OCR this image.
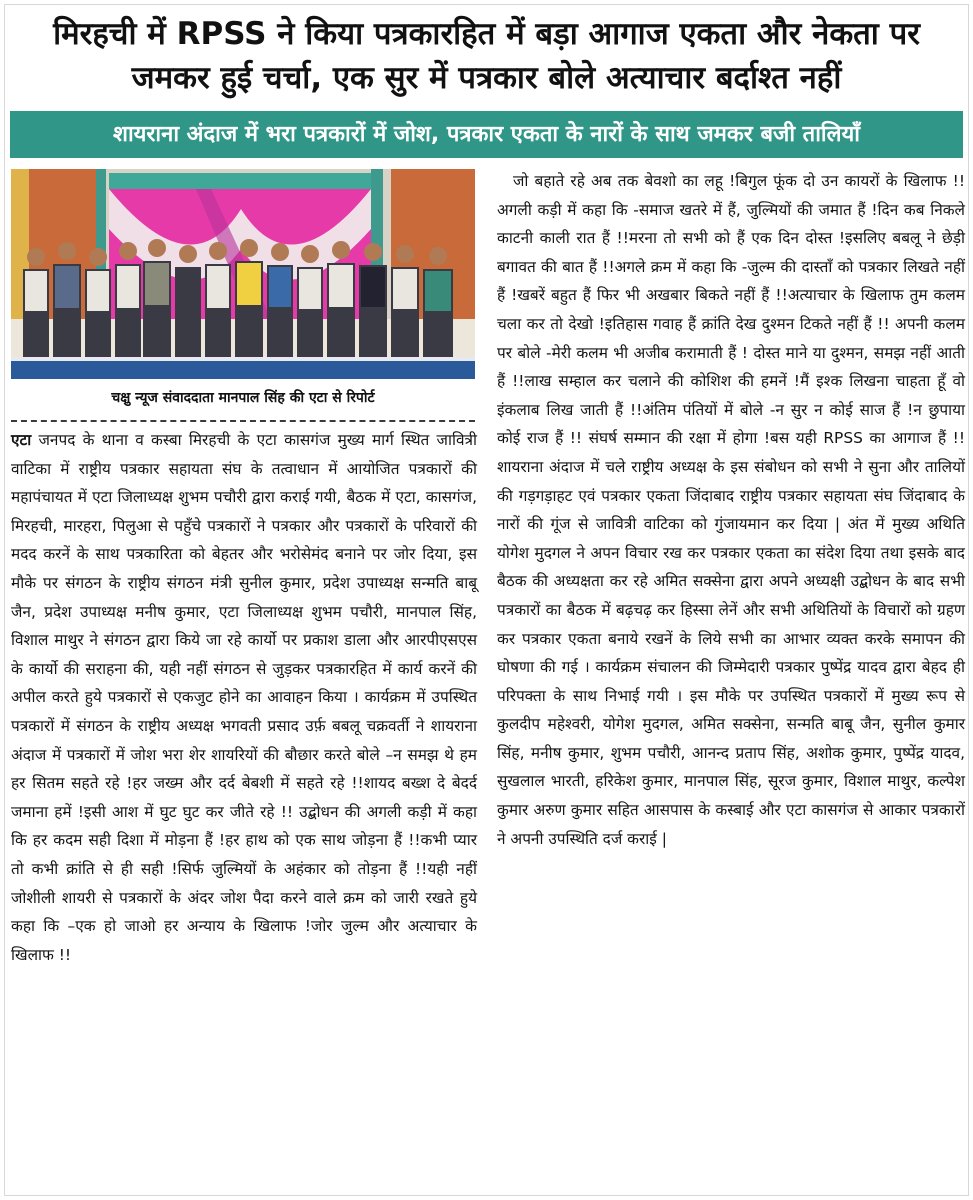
मिरहची में RPSS ने किया पत्रकारहित में बड़ा आगाज एकता और नेकता पर जमकर हुई चर्चा, एक सुर में पत्रकार बोले अत्याचार बर्दाश्त नहीं
शायराना अंदाज में भरा पत्रकारों में जोश, पत्रकार एकता के नारों के साथ जमकर बजी तालियाँ
चक्षु न्यूज संवाददाता मानपाल सिंह की एटा से रिपोर्ट

एटा जनपद के थाना व कस्बा मिरहची के एटा कासगंज मुख्य मार्ग स्थित जावित्री वाटिका में राष्ट्रीय पत्रकार सहायता संघ के तत्वाधान में आयोजित पत्रकारों की महापंचायत में एटा जिलाध्यक्ष शुभम पचौरी द्वारा कराई गयी, बैठक में एटा, कासगंज, मिरहची, मारहरा, पिलुआ से पहुँचे पत्रकारों ने पत्रकार और पत्रकारों के परिवारों की मदद करनें के साथ पत्रकारिता को बेहतर और भरोसेमंद बनाने पर जोर दिया, इस मौके पर संगठन के राष्ट्रीय संगठन मंत्री सुनील कुमार, प्रदेश उपाध्यक्ष सन्मति बाबू जैन, प्रदेश उपाध्यक्ष मनीष कुमार, एटा जिलाध्यक्ष शुभम पचौरी, मानपाल सिंह, विशाल माथुर ने संगठन द्वारा किये जा रहे कार्यो पर प्रकाश डाला और आरपीएसएस के कार्यो की सराहना की, यही नहीं संगठन से जुड़कर पत्रकारहित में कार्य करनें की अपील करते हुये पत्रकारों से एकजुट होने का आवाहन किया । कार्यक्रम में उपस्थित पत्रकारों में संगठन के राष्ट्रीय अध्यक्ष भगवती प्रसाद उर्फ़ बबलू चक्रवर्ती ने शायराना अंदाज में पत्रकारों में जोश भरा शेर शायरियों की बौछार करते बोले –न समझ थे हम हर सितम सहते रहे !हर जख्म और दर्द बेबशी में सहते रहे !!शायद बख्श दे बेदर्द जमाना हमें !इसी आश में घुट घुट कर जीते रहे !! उद्बोधन की अगली कड़ी में कहा कि हर कदम सही दिशा में मोड़ना हैं !हर हाथ को एक साथ जोड़ना हैं !!कभी प्यार तो कभी क्रांति से ही सही !सिर्फ जुल्मियों के अहंकार को तोड़ना हैं !!यही नहीं जोशीली शायरी से पत्रकारों के अंदर जोश पैदा करने वाले क्रम को जारी रखते हुये कहा कि –एक हो जाओ हर अन्याय के खिलाफ !जोर जुल्म और अत्याचार के खिलाफ !!

जो बहाते रहे अब तक बेवशो का लहू !बिगुल फूंक दो उन कायरों के खिलाफ !!अगली कड़ी में कहा कि -समाज खतरे में हैं, जुल्मियों की जमात हैं !दिन कब निकले काटनी काली रात हैं !!मरना तो सभी को हैं एक दिन दोस्त !इसलिए बबलू ने छेड़ी बगावत की बात हैं !!अगले क्रम में कहा कि -जुल्म की दास्ताँ को पत्रकार लिखते नहीं हैं !खबरें बहुत हैं फिर भी अखबार बिकते नहीं हैं !!अत्याचार के खिलाफ तुम कलम चला कर तो देखो !इतिहास गवाह हैं क्रांति देख दुश्मन टिकते नहीं हैं !! अपनी कलम पर बोले -मेरी कलम भी अजीब करामाती हैं ! दोस्त माने या दुश्मन, समझ नहीं आती हैं !!लाख सम्हाल कर चलाने की कोशिश की हमनें !मैं इश्क लिखना चाहता हूँ वो इंकलाब लिख जाती हैं !!अंतिम पंतियों में बोले -न सुर न कोई साज हैं !न छुपाया कोई राज हैं !! संघर्ष सम्मान की रक्षा में होगा !बस यही RPSS का आगाज हैं !!शायराना अंदाज में चले राष्ट्रीय अध्यक्ष के इस संबोधन को सभी ने सुना और तालियों की गड़गड़ाहट एवं पत्रकार एकता जिंदाबाद राष्ट्रीय पत्रकार सहायता संघ जिंदाबाद के नारों की गूंज से जावित्री वाटिका को गुंजायमान कर दिया | अंत में मुख्य अथिति योगेश मुदगल ने अपन विचार रख कर पत्रकार एकता का संदेश दिया तथा इसके बाद बैठक की अध्यक्षता कर रहे अमित सक्सेना द्वारा अपने अध्यक्षी उद्बोधन के बाद सभी पत्रकारों का बैठक में बढ़चढ़ कर हिस्सा लेनें और सभी अथितियों के विचारों को ग्रहण कर पत्रकार एकता बनाये रखनें के लिये सभी का आभार व्यक्त करके समापन की घोषणा की गई । कार्यक्रम संचालन की जिम्मेदारी पत्रकार पुष्पेंद्र यादव द्वारा बेहद ही परिपक्ता के साथ निभाई गयी । इस मौके पर उपस्थित पत्रकारों में मुख्य रूप से कुलदीप महेश्वरी, योगेश मुदगल, अमित सक्सेना, सन्मति बाबू जैन, सुनील कुमार सिंह, मनीष कुमार, शुभम पचौरी, आनन्द प्रताप सिंह, अशोक कुमार, पुष्पेंद्र यादव, सुखलाल भारती, हरिकेश कुमार, मानपाल सिंह, सूरज कुमार, विशाल माथुर, कल्पेश कुमार अरुण कुमार सहित आसपास के कस्बाई और एटा कासगंज से आकार पत्रकारों ने अपनी उपस्थिति दर्ज कराई |
